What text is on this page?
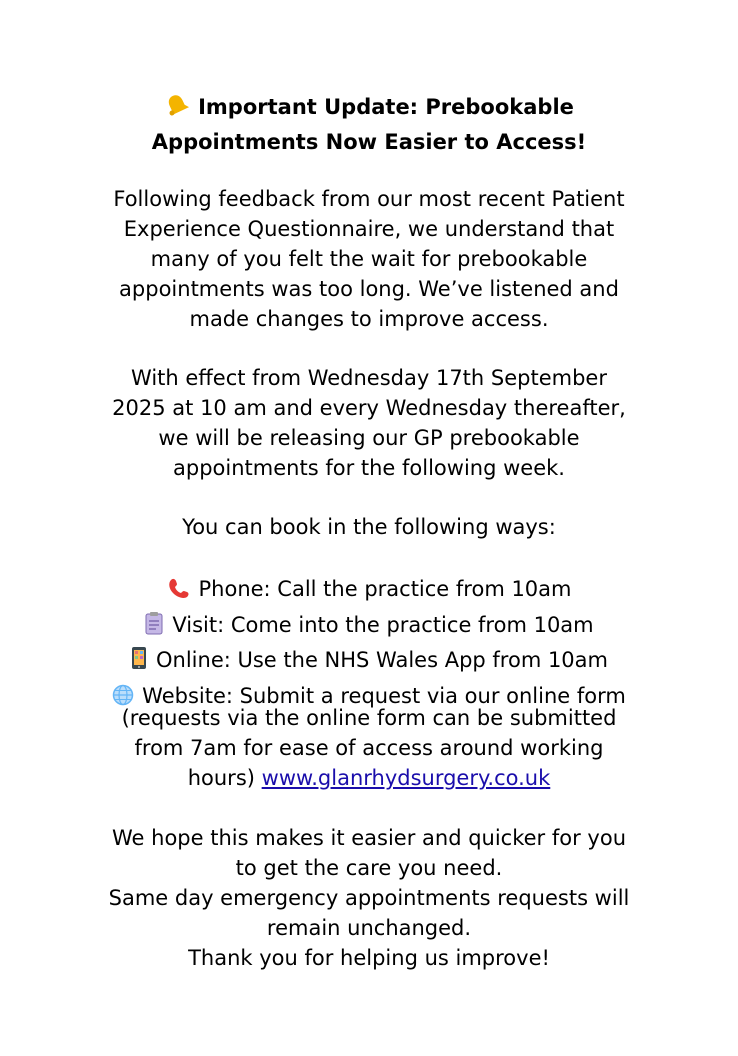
Important Update: Prebookable
Appointments Now Easier to Access!
Following feedback from our most recent Patient
Experience Questionnaire, we understand that
many of you felt the wait for prebookable
appointments was too long. We’ve listened and
made changes to improve access.
With effect from Wednesday 17th September
2025 at 10 am and every Wednesday thereafter,
we will be releasing our GP prebookable
appointments for the following week.
You can book in the following ways:
Phone: Call the practice from 10am
Visit: Come into the practice from 10am
Online: Use the NHS Wales App from 10am
Website: Submit a request via our online form
(requests via the online form can be submitted
from 7am for ease of access around working
hours) www.glanrhydsurgery.co.uk
We hope this makes it easier and quicker for you
to get the care you need.
Same day emergency appointments requests will
remain unchanged.
Thank you for helping us improve!
